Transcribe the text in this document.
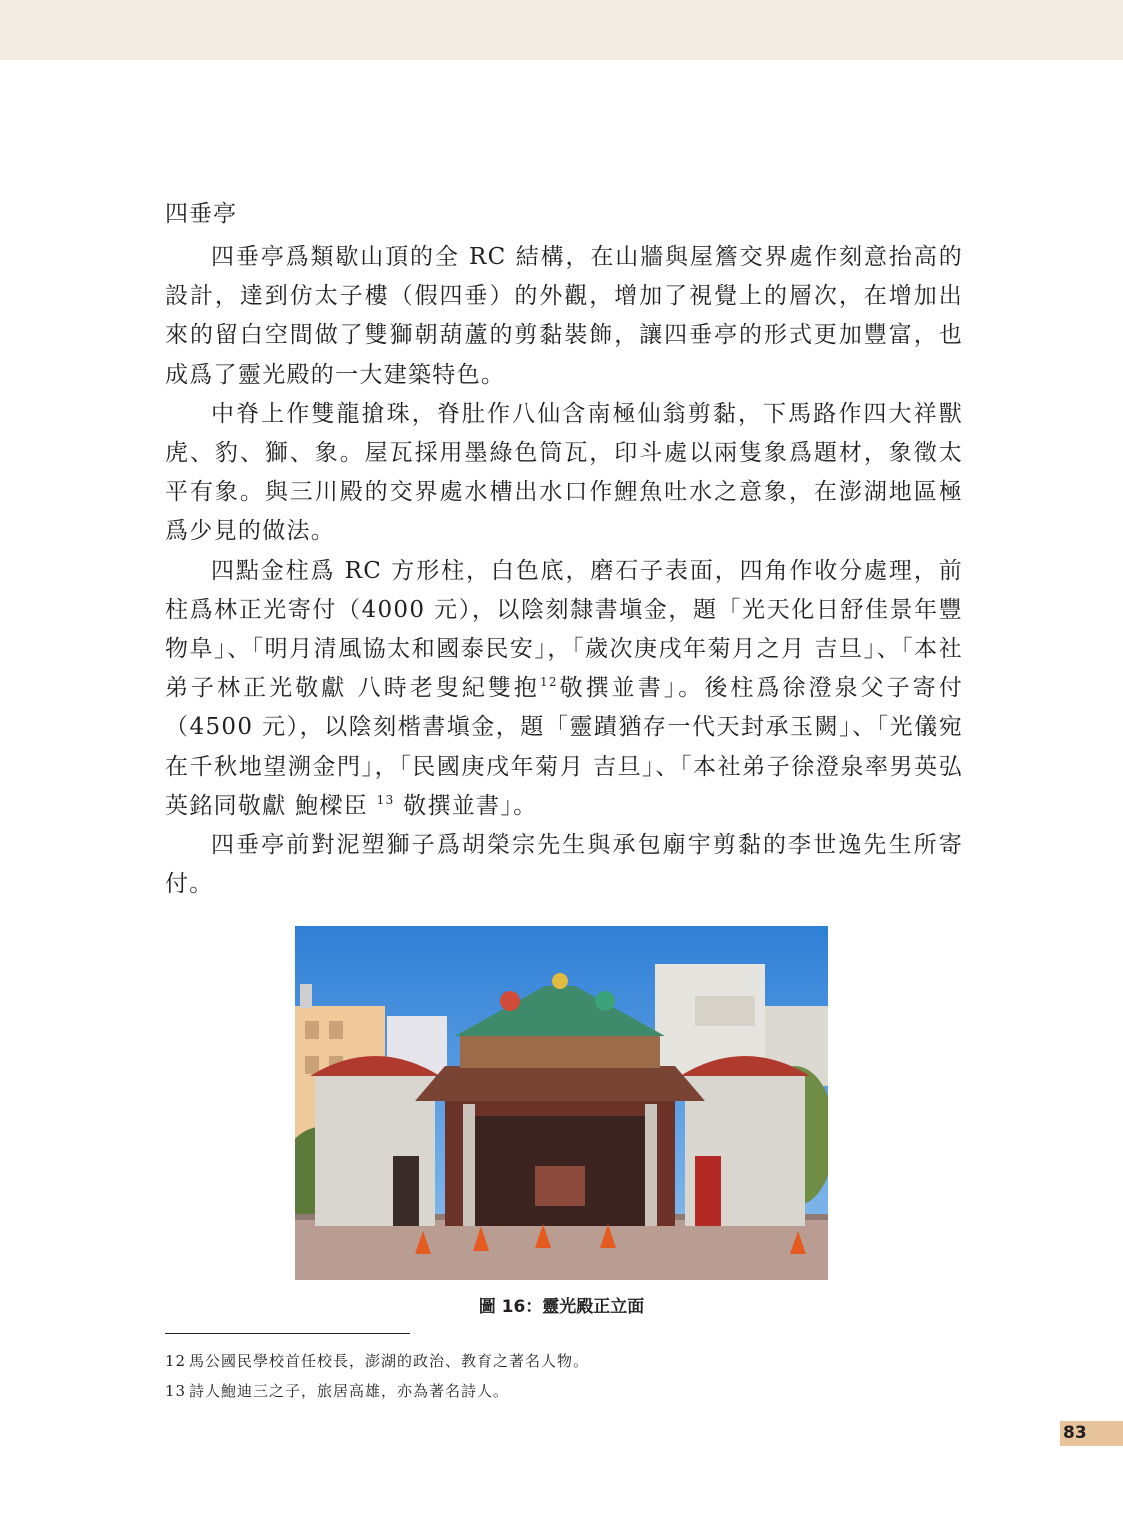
四垂亭

四垂亭爲類歇山頂的全 RC 結構，在山牆與屋簷交界處作刻意抬高的設計，達到仿太子樓（假四垂）的外觀，增加了視覺上的層次，在增加出來的留白空間做了雙獅朝葫蘆的剪黏裝飾，讓四垂亭的形式更加豐富，也成爲了靈光殿的一大建築特色。

中脊上作雙龍搶珠，脊肚作八仙含南極仙翁剪黏，下馬路作四大祥獸虎、豹、獅、象。屋瓦採用墨綠色筒瓦，印斗處以兩隻象爲題材，象徵太平有象。與三川殿的交界處水槽出水口作鯉魚吐水之意象，在澎湖地區極爲少見的做法。

四點金柱爲 RC 方形柱，白色底，磨石子表面，四角作收分處理，前柱爲林正光寄付（4000 元），以陰刻隸書塡金，題「光天化日舒佳景年豐物阜」、「明月清風協太和國泰民安」，「歲次庚戌年菊月之月 吉旦」、「本社弟子林正光敬獻 八時老叟紀雙抱$^{12}$敬撰並書」。後柱爲徐澄泉父子寄付（4500 元），以陰刻楷書塡金，題「靈蹟猶存一代天封承玉闕」、「光儀宛在千秋地望溯金門」，「民國庚戌年菊月 吉旦」、「本社弟子徐澄泉率男英弘英銘同敬獻 鮑樑臣 $^{13}$ 敬撰並書」。

四垂亭前對泥塑獅子爲胡榮宗先生與承包廟宇剪黏的李世逸先生所寄付。

圖 16：靈光殿正立面
12 馬公國民學校首任校長，澎湖的政治、教育之著名人物。
13 詩人鮑迪三之子，旅居高雄，亦為著名詩人。
83
